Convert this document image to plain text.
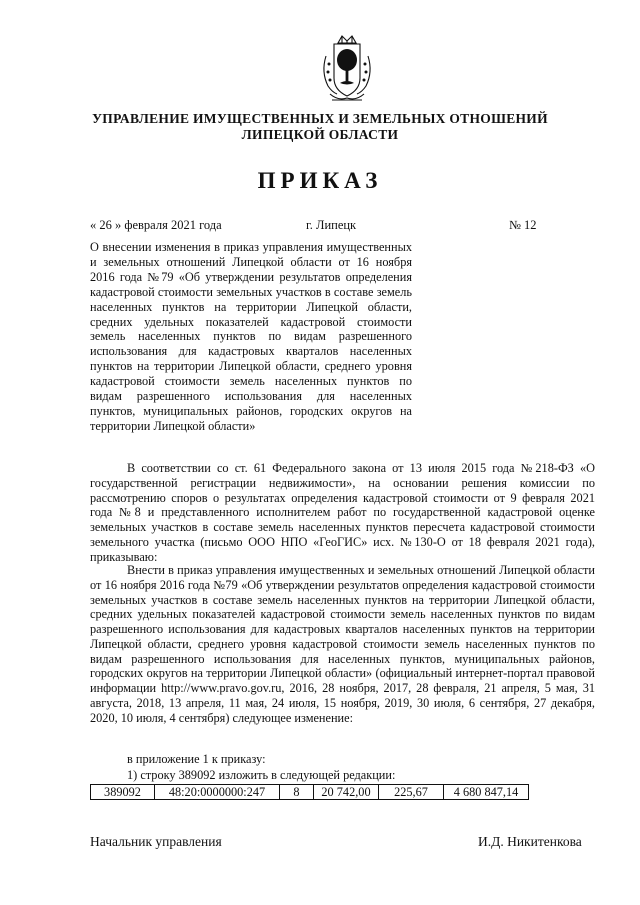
УПРАВЛЕНИЕ ИМУЩЕСТВЕННЫХ И ЗЕМЕЛЬНЫХ ОТНОШЕНИЙ
ЛИПЕЦКОЙ ОБЛАСТИ
ПРИКАЗ
« 26 » февраля 2021 года	г. Липецк	№ 12
О внесении изменения в приказ управления имущественных и земельных отношений Липецкой области от 16 ноября 2016 года №79 «Об утверждении результатов определения кадастровой стоимости земельных участков в составе земель населенных пунктов на территории Липецкой области, средних удельных показателей кадастровой стоимости земель населенных пунктов по видам разрешенного использования для кадастровых кварталов населенных пунктов на территории Липецкой области, среднего уровня кадастровой стоимости земель населенных пунктов по видам разрешенного использования для населенных пунктов, муниципальных районов, городских округов на территории Липецкой области»
В соответствии со ст. 61 Федерального закона от 13 июля 2015 года №218-ФЗ «О государственной регистрации недвижимости», на основании решения комиссии по рассмотрению споров о результатах определения кадастровой стоимости от 9 февраля 2021 года №8 и представленного исполнителем работ по государственной кадастровой оценке земельных участков в составе земель населенных пунктов пересчета кадастровой стоимости земельного участка (письмо ООО НПО «ГеоГИС» исх. №130-О от 18 февраля 2021 года), приказываю:
Внести в приказ управления имущественных и земельных отношений Липецкой области от 16 ноября 2016 года №79 «Об утверждении результатов определения кадастровой стоимости земельных участков в составе земель населенных пунктов на территории Липецкой области, средних удельных показателей кадастровой стоимости земель населенных пунктов по видам разрешенного использования для кадастровых кварталов населенных пунктов на территории Липецкой области, среднего уровня кадастровой стоимости земель населенных пунктов по видам разрешенного использования для населенных пунктов, муниципальных районов, городских округов на территории Липецкой области» (официальный интернет-портал правовой информации http://www.pravo.gov.ru, 2016, 28 ноября, 2017, 28 февраля, 21 апреля, 5 мая, 31 августа, 2018, 13 апреля, 11 мая, 24 июля, 15 ноября, 2019, 30 июля, 6 сентября, 27 декабря, 2020, 10 июля, 4 сентября) следующее изменение:
в приложение 1 к приказу:
1) строку 389092 изложить в следующей редакции:
389092	48:20:0000000:247	8	20 742,00	225,67	4 680 847,14
Начальник управления	И.Д. Никитенкова
